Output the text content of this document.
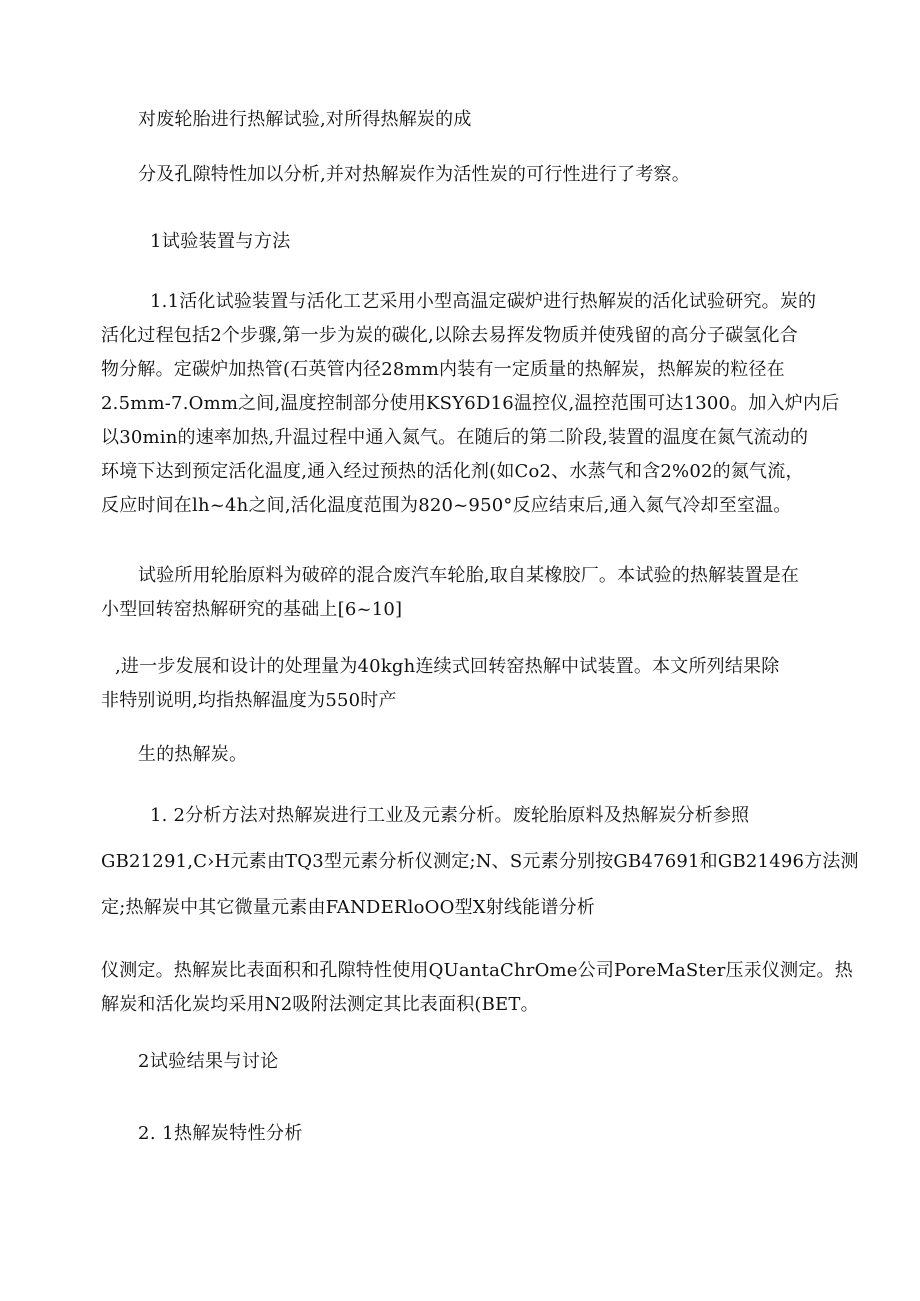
对废轮胎进行热解试验,对所得热解炭的成

分及孔隙特性加以分析,并对热解炭作为活性炭的可行性进行了考察。

1试验装置与方法

1.1活化试验装置与活化工艺采用小型高温定碳炉进行热解炭的活化试验研究。炭的

活化过程包括2个步骤,第一步为炭的碳化,以除去易挥发物质并使残留的高分子碳氢化合

物分解。定碳炉加热管(石英管内径28mm内装有一定质量的热解炭，热解炭的粒径在

2.5mm-7.Omm之间,温度控制部分使用KSY6D16温控仪,温控范围可达1300。加入炉内后

以30min的速率加热,升温过程中通入氮气。在随后的第二阶段,装置的温度在氮气流动的

环境下达到预定活化温度,通入经过预热的活化剂(如Co2、水蒸气和含2%02的氮气流，

反应时间在lh~4h之间,活化温度范围为820~950°反应结束后,通入氮气冷却至室温。

试验所用轮胎原料为破碎的混合废汽车轮胎,取自某橡胶厂。本试验的热解装置是在

小型回转窑热解研究的基础上[6~10]

,进一步发展和设计的处理量为40kgh连续式回转窑热解中试装置。本文所列结果除

非特别说明,均指热解温度为550时产

生的热解炭。

1. 2分析方法对热解炭进行工业及元素分析。废轮胎原料及热解炭分析参照

GB21291,C›H元素由TQ3型元素分析仪测定;N、S元素分别按GB47691和GB21496方法测

定;热解炭中其它微量元素由FANDERloOO型X射线能谱分析

仪测定。热解炭比表面积和孔隙特性使用QUantaChrOme公司PoreMaSter压汞仪测定。热

解炭和活化炭均采用N2吸附法测定其比表面积(BET。

2试验结果与讨论

2. 1热解炭特性分析
